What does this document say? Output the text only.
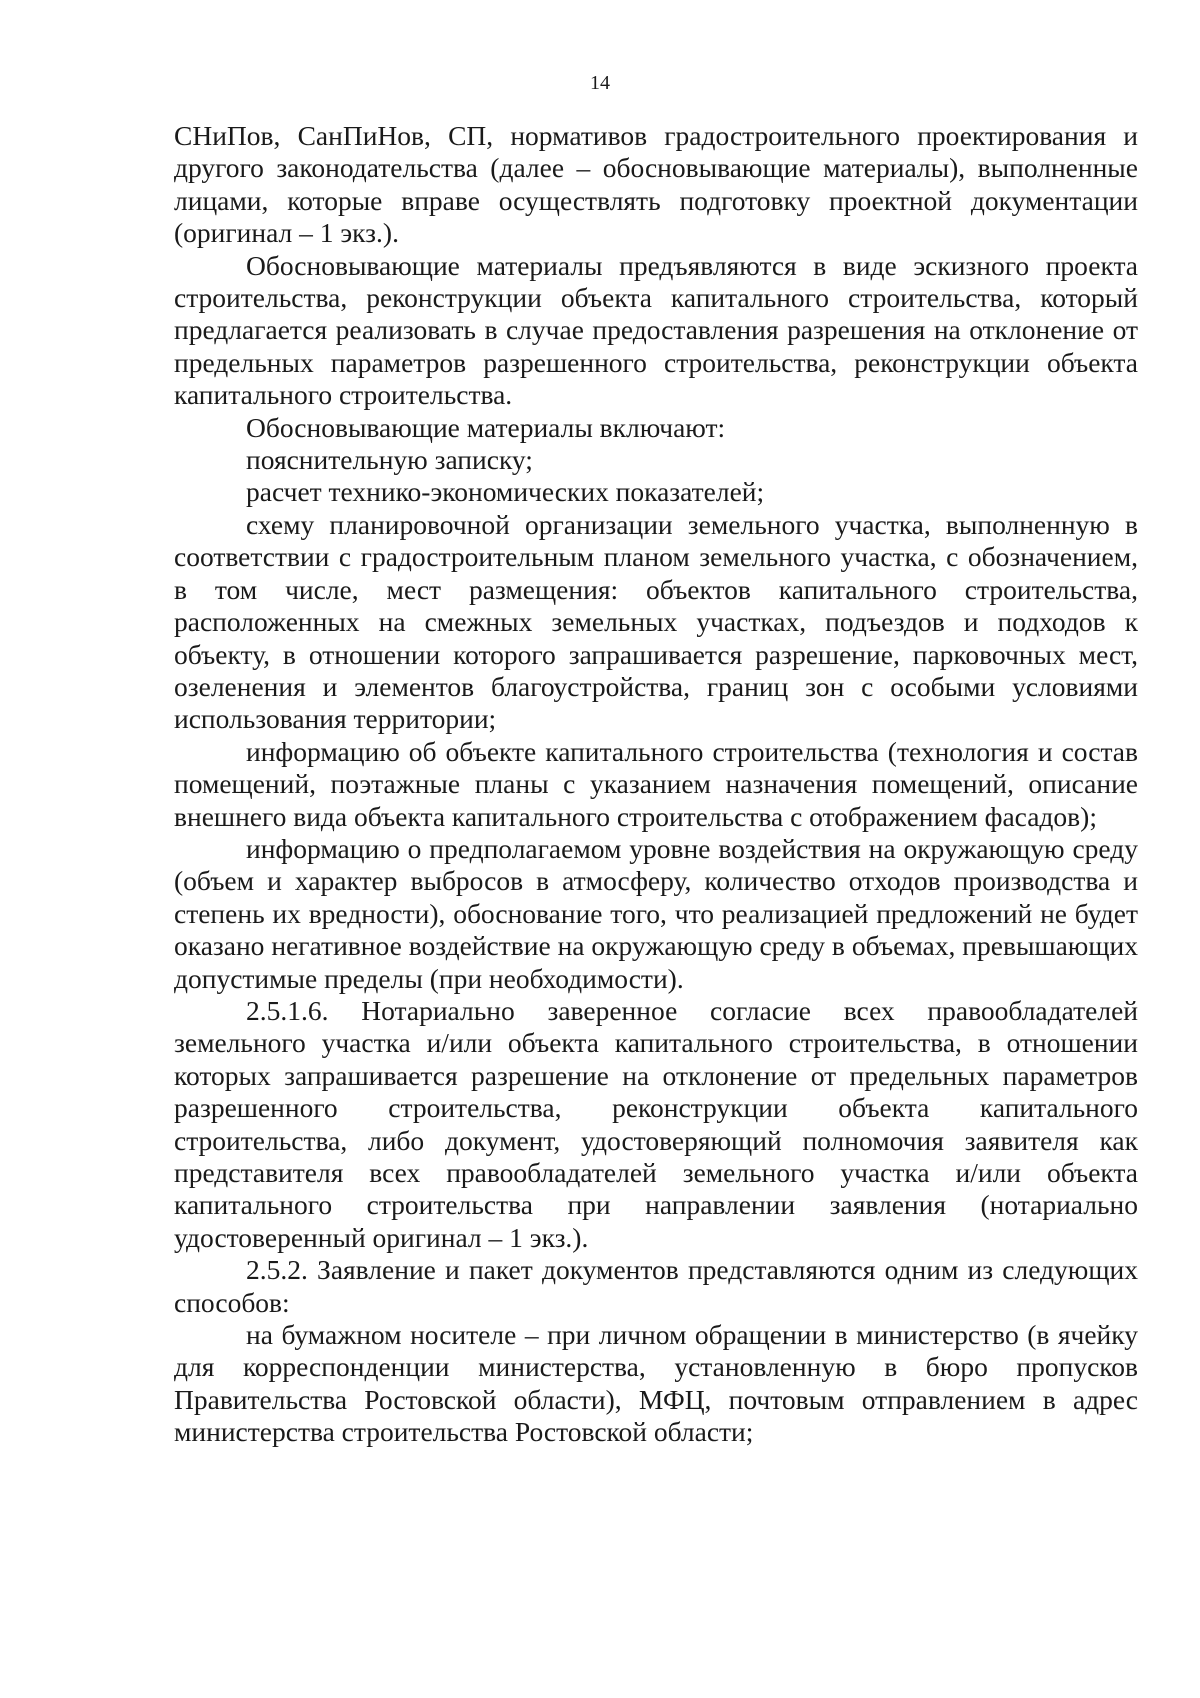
14

СНиПов, СанПиНов, СП, нормативов градостроительного проектирования и другого законодательства (далее – обосновывающие материалы), выполненные лицами, которые вправе осуществлять подготовку проектной документации (оригинал – 1 экз.).

Обосновывающие материалы предъявляются в виде эскизного проекта строительства, реконструкции объекта капитального строительства, который предлагается реализовать в случае предоставления разрешения на отклонение от предельных параметров разрешенного строительства, реконструкции объекта капитального строительства.

Обосновывающие материалы включают:

пояснительную записку;

расчет технико-экономических показателей;

схему планировочной организации земельного участка, выполненную в соответствии с градостроительным планом земельного участка, с обозначением, в том числе, мест размещения: объектов капитального строительства, расположенных на смежных земельных участках, подъездов и подходов к объекту, в отношении которого запрашивается разрешение, парковочных мест, озеленения и элементов благоустройства, границ зон с особыми условиями использования территории;

информацию об объекте капитального строительства (технология и состав помещений, поэтажные планы с указанием назначения помещений, описание внешнего вида объекта капитального строительства с отображением фасадов);

информацию о предполагаемом уровне воздействия на окружающую среду (объем и характер выбросов в атмосферу, количество отходов производства и степень их вредности), обоснование того, что реализацией предложений не будет оказано негативное воздействие на окружающую среду в объемах, превышающих допустимые пределы (при необходимости).

2.5.1.6. Нотариально заверенное согласие всех правообладателей земельного участка и/или объекта капитального строительства, в отношении которых запрашивается разрешение на отклонение от предельных параметров разрешенного строительства, реконструкции объекта капитального строительства, либо документ, удостоверяющий полномочия заявителя как представителя всех правообладателей земельного участка и/или объекта капитального строительства при направлении заявления (нотариально удостоверенный оригинал – 1 экз.).

2.5.2. Заявление и пакет документов представляются одним из следующих способов:

на бумажном носителе – при личном обращении в министерство (в ячейку для корреспонденции министерства, установленную в бюро пропусков Правительства Ростовской области), МФЦ, почтовым отправлением в адрес министерства строительства Ростовской области;
